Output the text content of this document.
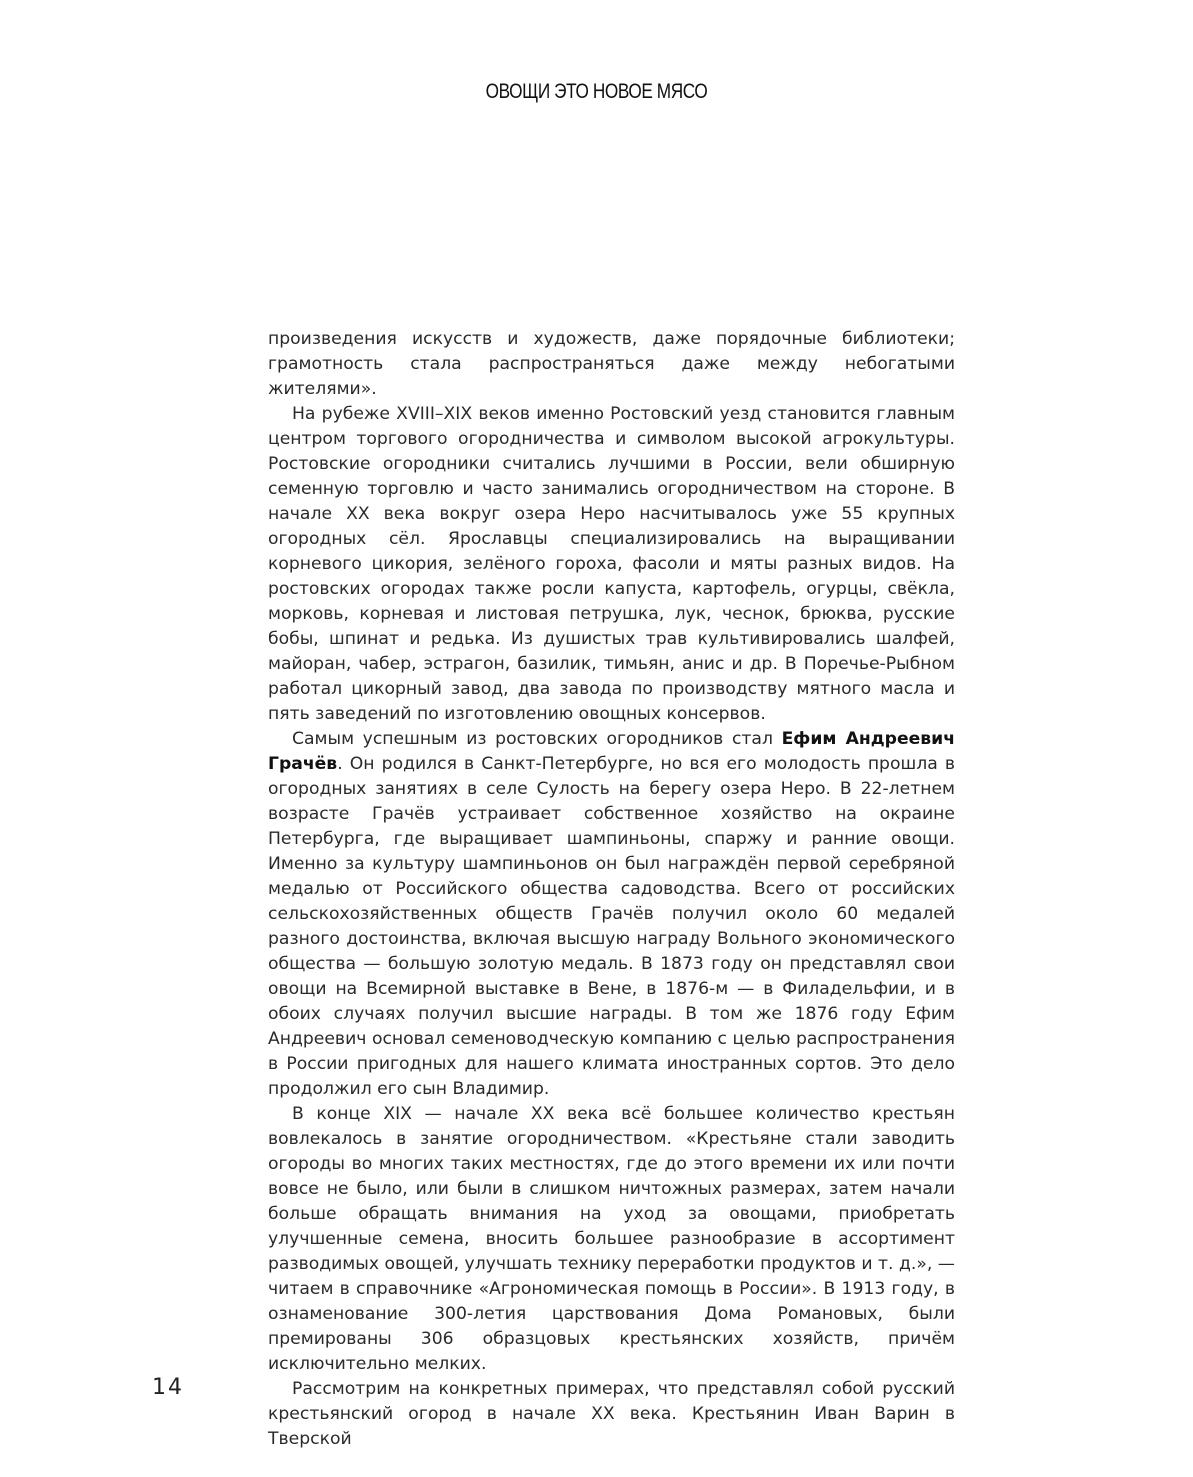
ОВОЩИ ЭТО НОВОЕ МЯСО

произведения искусств и художеств, даже порядочные библиотеки; грамотность стала распространяться даже между небогатыми жителями».

На рубеже XVIII–XIX веков именно Ростовский уезд становится главным центром торгового огородничества и символом высокой агрокультуры. Ростовские огородники считались лучшими в России, вели обширную семенную торговлю и часто занимались огородничеством на стороне. В начале XX века вокруг озера Неро насчитывалось уже 55 крупных огородных сёл. Ярославцы специализировались на выращивании корневого цикория, зелёного гороха, фасоли и мяты разных видов. На ростовских огородах также росли капуста, картофель, огурцы, свёкла, морковь, корневая и листовая петрушка, лук, чеснок, брюква, русские бобы, шпинат и редька. Из душистых трав культивировались шалфей, майоран, чабер, эстрагон, базилик, тимьян, анис и др. В Поречье-Рыбном работал цикорный завод, два завода по производству мятного масла и пять заведений по изготовлению овощных консервов.

Самым успешным из ростовских огородников стал Ефим Андреевич Грачёв. Он родился в Санкт-Петербурге, но вся его молодость прошла в огородных занятиях в селе Сулость на берегу озера Неро. В 22-летнем возрасте Грачёв устраивает собственное хозяйство на окраине Петербурга, где выращивает шампиньоны, спаржу и ранние овощи. Именно за культуру шампиньонов он был награждён первой серебряной медалью от Российского общества садоводства. Всего от российских сельскохозяйственных обществ Грачёв получил около 60 медалей разного достоинства, включая высшую награду Вольного экономического общества — большую золотую медаль. В 1873 году он представлял свои овощи на Всемирной выставке в Вене, в 1876-м — в Филадельфии, и в обоих случаях получил высшие награды. В том же 1876 году Ефим Андреевич основал семеноводческую компанию с целью распространения в России пригодных для нашего климата иностранных сортов. Это дело продолжил его сын Владимир.

В конце XIX — начале XX века всё большее количество крестьян вовлекалось в занятие огородничеством. «Крестьяне стали заводить огороды во многих таких местностях, где до этого времени их или почти вовсе не было, или были в слишком ничтожных размерах, затем начали больше обращать внимания на уход за овощами, приобретать улучшенные семена, вносить большее разнообразие в ассортимент разводимых овощей, улучшать технику переработки продуктов и т. д.», — читаем в справочнике «Агрономическая помощь в России». В 1913 году, в ознаменование 300-летия царствования Дома Романовых, были премированы 306 образцовых крестьянских хозяйств, причём исключительно мелких.

Рассмотрим на конкретных примерах, что представлял собой русский крестьянский огород в начале XX века. Крестьянин Иван Варин в Тверской

14
